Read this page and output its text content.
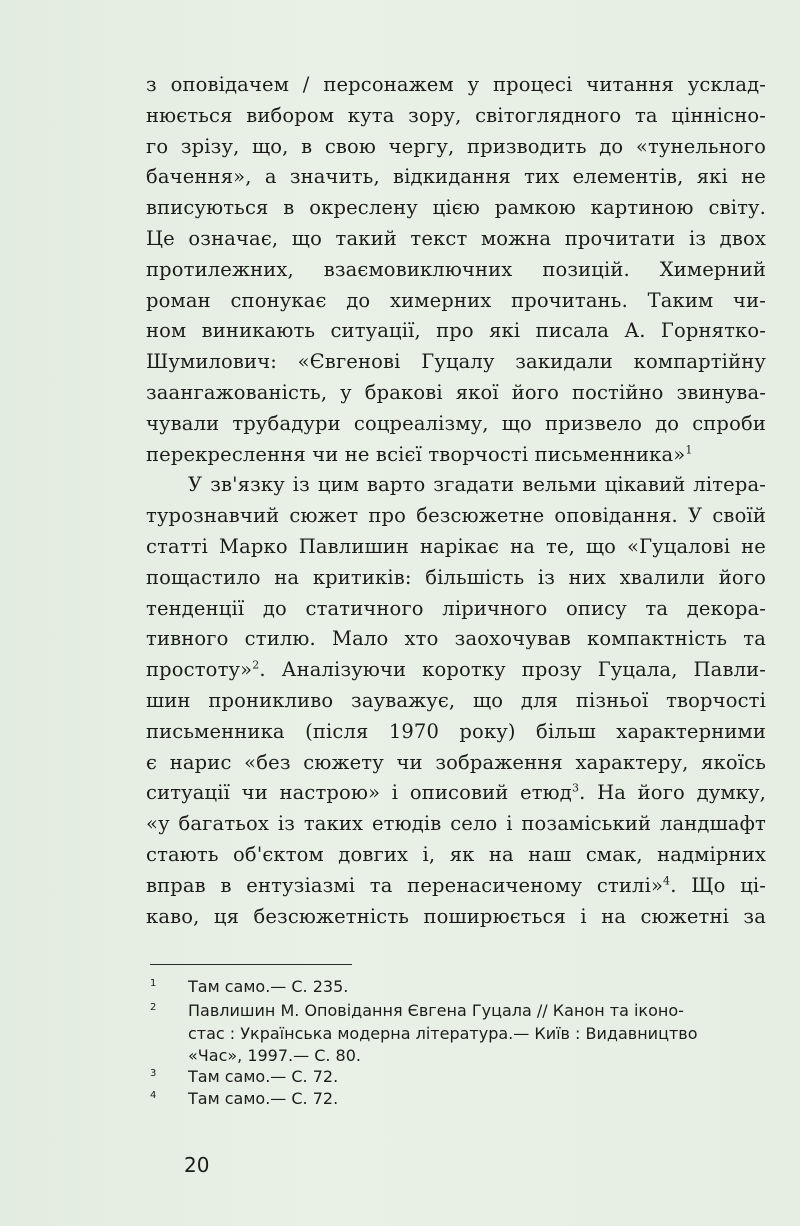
з оповідачем / персонажем у процесі читання усклад-
нюється вибором кута зору, світоглядного та ціннісно-
го зрізу, що, в свою чергу, призводить до «тунельного
бачення», а значить, відкидання тих елементів, які не
вписуються в окреслену цією рамкою картиною світу.
Це означає, що такий текст можна прочитати із двох
протилежних, взаємовиключних позицій. Химерний
роман спонукає до химерних прочитань. Таким чи-
ном виникають ситуації, про які писала А. Горнятко-
Шумилович: «Євгенові Гуцалу закидали компартійну
заангажованість, у бракові якої його постійно звинува-
чували трубадури соцреалізму, що призвело до спроби
перекреслення чи не всієї творчості письменника»$^1$
У зв'язку із цим варто згадати вельми цікавий літера-
турознавчий сюжет про безсюжетне оповідання. У своїй
статті Марко Павлишин нарікає на те, що «Гуцалові не
пощастило на критиків: більшість із них хвалили його
тенденції до статичного ліричного опису та декора-
тивного стилю. Мало хто заохочував компактність та
простоту»$^2$. Аналізуючи коротку прозу Гуцала, Павли-
шин проникливо зауважує, що для пізньої творчості
письменника (після 1970 року) більш характерними
є нарис «без сюжету чи зображення характеру, якоїсь
ситуації чи настрою» і описовий етюд$^3$. На його думку,
«у багатьох із таких етюдів село і позаміський ландшафт
стають об'єктом довгих і, як на наш смак, надмірних
вправ в ентузіазмі та перенасиченому стилі»$^4$. Що ці-
каво, ця безсюжетність поширюється і на сюжетні за
1 Там само.— С. 235.
2 Павлишин М. Оповідання Євгена Гуцала // Канон та іконо-
стас : Українська модерна література.— Київ : Видавництво
«Час», 1997.— С. 80.
3 Там само.— С. 72.
4 Там само.— С. 72.
20
